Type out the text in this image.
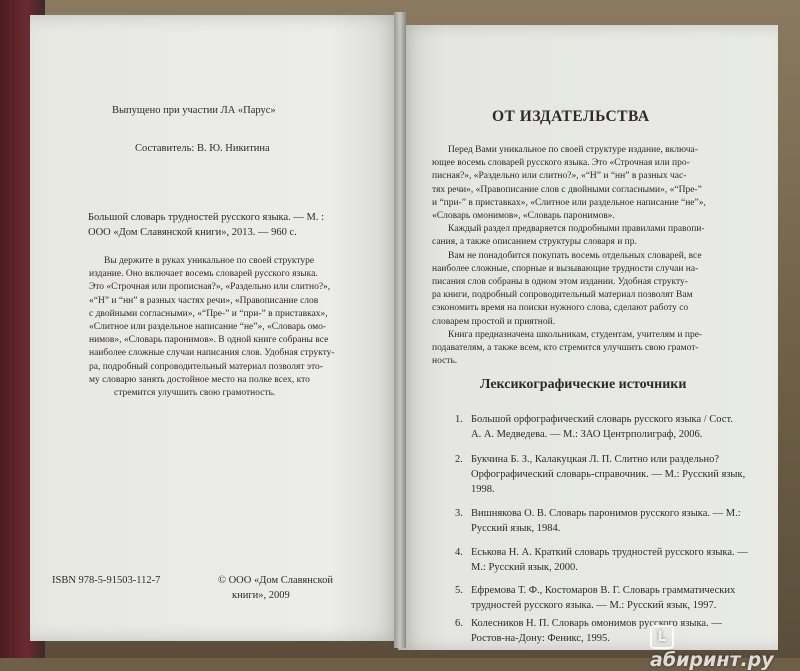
Выпущено при участии ЛА «Парус»
Составитель: В. Ю. Никитина
Большой словарь трудностей русского языка. — М. :
ООО «Дом Славянской книги», 2013. — 960 с.
Вы держите в руках уникальное по своей структуре
издание. Оно включает восемь словарей русского языка.
Это «Строчная или прописная?», «Раздельно или слитно?»,
«“Н” и “нн” в разных частях речи», «Правописание слов
с двойными согласными», «“Пре-” и “при-” в приставках»,
«Слитное или раздельное написание “не”», «Словарь омо-
нимов», «Словарь паронимов». В одной книге собраны все
наиболее сложные случаи написания слов. Удобная структу-
ра, подробный сопроводительный материал позволят это-
му словарю занять достойное место на полке всех, кто
стремится улучшить свою грамотность.
ISBN 978-5-91503-112-7	© ООО «Дом Славянской
книги», 2009
ОТ ИЗДАТЕЛЬСТВА
Перед Вами уникальное по своей структуре издание, включа-
ющее восемь словарей русского языка. Это «Строчная или про-
писная?», «Раздельно или слитно?», «“Н” и “нн” в разных час-
тях речи», «Правописание слов с двойными согласными», «“Пре-”
и “при-” в приставках», «Слитное или раздельное написание “не”»,
«Словарь омонимов», «Словарь паронимов».
Каждый раздел предваряется подробными правилами правопи-
сания, а также описанием структуры словаря и пр.
Вам не понадобится покупать восемь отдельных словарей, все
наиболее сложные, спорные и вызывающие трудности случаи на-
писания слов собраны в одном этом издании. Удобная структу-
ра книги, подробный сопроводительный материал позволят Вам
сэкономить время на поиски нужного слова, сделают работу со
словарем простой и приятной.
Книга предназначена школьникам, студентам, учителям и пре-
подавателям, а также всем, кто стремится улучшить свою грамот-
ность.
Лексикографические источники
1. Большой орфографический словарь русского языка / Сост.
А. А. Медведева. — М.: ЗАО Центрполиграф, 2006.
2. Букчина Б. З., Калакуцкая Л. П. Слитно или раздельно?
Орфографический словарь-справочник. — М.: Русский язык,
1998.
3. Вишнякова О. В. Словарь паронимов русского языка. — М.:
Русский язык, 1984.
4. Еськова Н. А. Краткий словарь трудностей русского языка. —
М.: Русский язык, 2000.
5. Ефремова Т. Ф., Костомаров В. Г. Словарь грамматических
трудностей русского языка. — М.: Русский язык, 1997.
6. Колесников Н. П. Словарь омонимов русского языка. —
Ростов-на-Дону: Феникс, 1995.	Lабиринт.ру
